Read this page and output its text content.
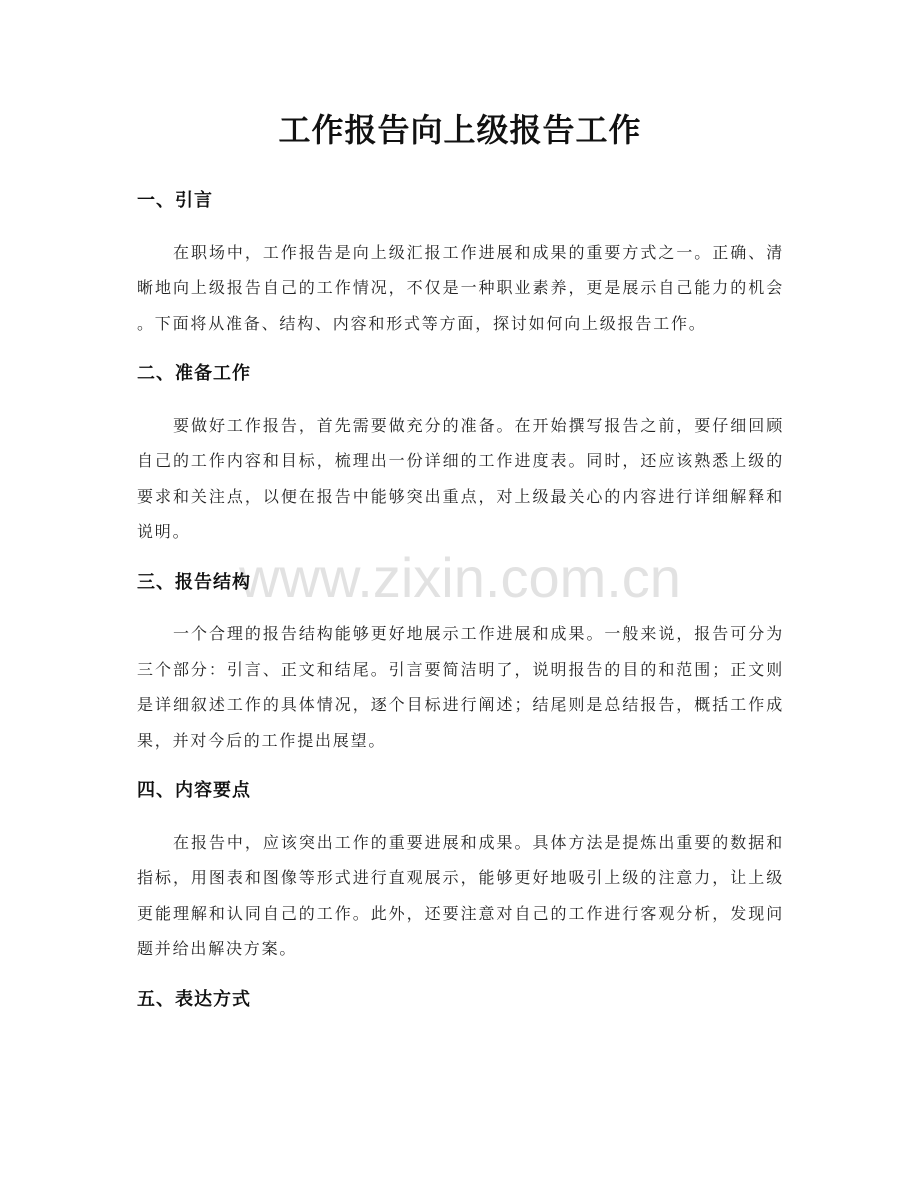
www.zixin.com.cn
工作报告向上级报告工作
一、引言
在职场中，工作报告是向上级汇报工作进展和成果的重要方式之一。正确、清
晰地向上级报告自己的工作情况，不仅是一种职业素养，更是展示自己能力的机会
。下面将从准备、结构、内容和形式等方面，探讨如何向上级报告工作。
二、准备工作
要做好工作报告，首先需要做充分的准备。在开始撰写报告之前，要仔细回顾
自己的工作内容和目标，梳理出一份详细的工作进度表。同时，还应该熟悉上级的
要求和关注点，以便在报告中能够突出重点，对上级最关心的内容进行详细解释和
说明。
三、报告结构
一个合理的报告结构能够更好地展示工作进展和成果。一般来说，报告可分为
三个部分：引言、正文和结尾。引言要简洁明了，说明报告的目的和范围；正文则
是详细叙述工作的具体情况，逐个目标进行阐述；结尾则是总结报告，概括工作成
果，并对今后的工作提出展望。
四、内容要点
在报告中，应该突出工作的重要进展和成果。具体方法是提炼出重要的数据和
指标，用图表和图像等形式进行直观展示，能够更好地吸引上级的注意力，让上级
更能理解和认同自己的工作。此外，还要注意对自己的工作进行客观分析，发现问
题并给出解决方案。
五、表达方式
